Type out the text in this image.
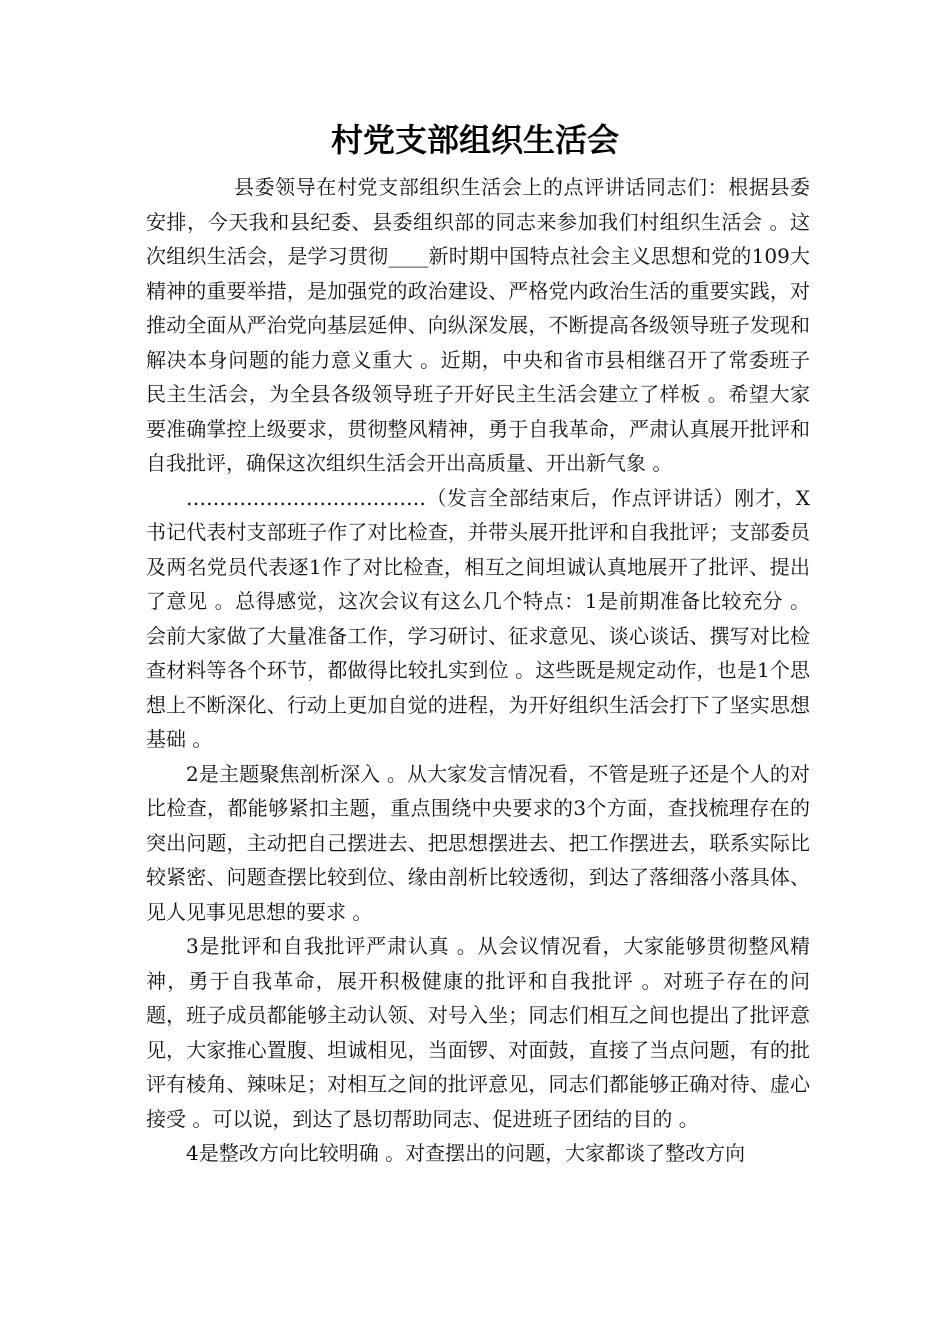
村党支部组织生活会

县委领导在村党支部组织生活会上的点评讲话同志们：根据县委安排，今天我和县纪委、县委组织部的同志来参加我们村组织生活会 。这次组织生活会，是学习贯彻____新时期中国特点社会主义思想和党的109大精神的重要举措，是加强党的政治建设、严格党内政治生活的重要实践，对推动全面从严治党向基层延伸、向纵深发展，不断提高各级领导班子发现和解决本身问题的能力意义重大 。近期，中央和省市县相继召开了常委班子民主生活会，为全县各级领导班子开好民主生活会建立了样板 。希望大家要准确掌控上级要求，贯彻整风精神，勇于自我革命，严肃认真展开批评和自我批评，确保这次组织生活会开出高质量、开出新气象 。

………………………………（发言全部结束后，作点评讲话）刚才，X书记代表村支部班子作了对比检查，并带头展开批评和自我批评；支部委员及两名党员代表逐1作了对比检查，相互之间坦诚认真地展开了批评、提出了意见 。总得感觉，这次会议有这么几个特点：1是前期准备比较充分 。会前大家做了大量准备工作，学习研讨、征求意见、谈心谈话、撰写对比检查材料等各个环节，都做得比较扎实到位 。这些既是规定动作，也是1个思想上不断深化、行动上更加自觉的进程，为开好组织生活会打下了坚实思想基础 。

2是主题聚焦剖析深入 。从大家发言情况看，不管是班子还是个人的对比检查，都能够紧扣主题，重点围绕中央要求的3个方面，查找梳理存在的突出问题，主动把自己摆进去、把思想摆进去、把工作摆进去，联系实际比较紧密、问题查摆比较到位、缘由剖析比较透彻，到达了落细落小落具体、见人见事见思想的要求 。

3是批评和自我批评严肃认真 。从会议情况看，大家能够贯彻整风精神，勇于自我革命，展开积极健康的批评和自我批评 。对班子存在的问题，班子成员都能够主动认领、对号入坐；同志们相互之间也提出了批评意见，大家推心置腹、坦诚相见，当面锣、对面鼓，直接了当点问题，有的批评有棱角、辣味足；对相互之间的批评意见，同志们都能够正确对待、虚心接受 。可以说，到达了恳切帮助同志、促进班子团结的目的 。

4是整改方向比较明确 。对查摆出的问题，大家都谈了整改方向
